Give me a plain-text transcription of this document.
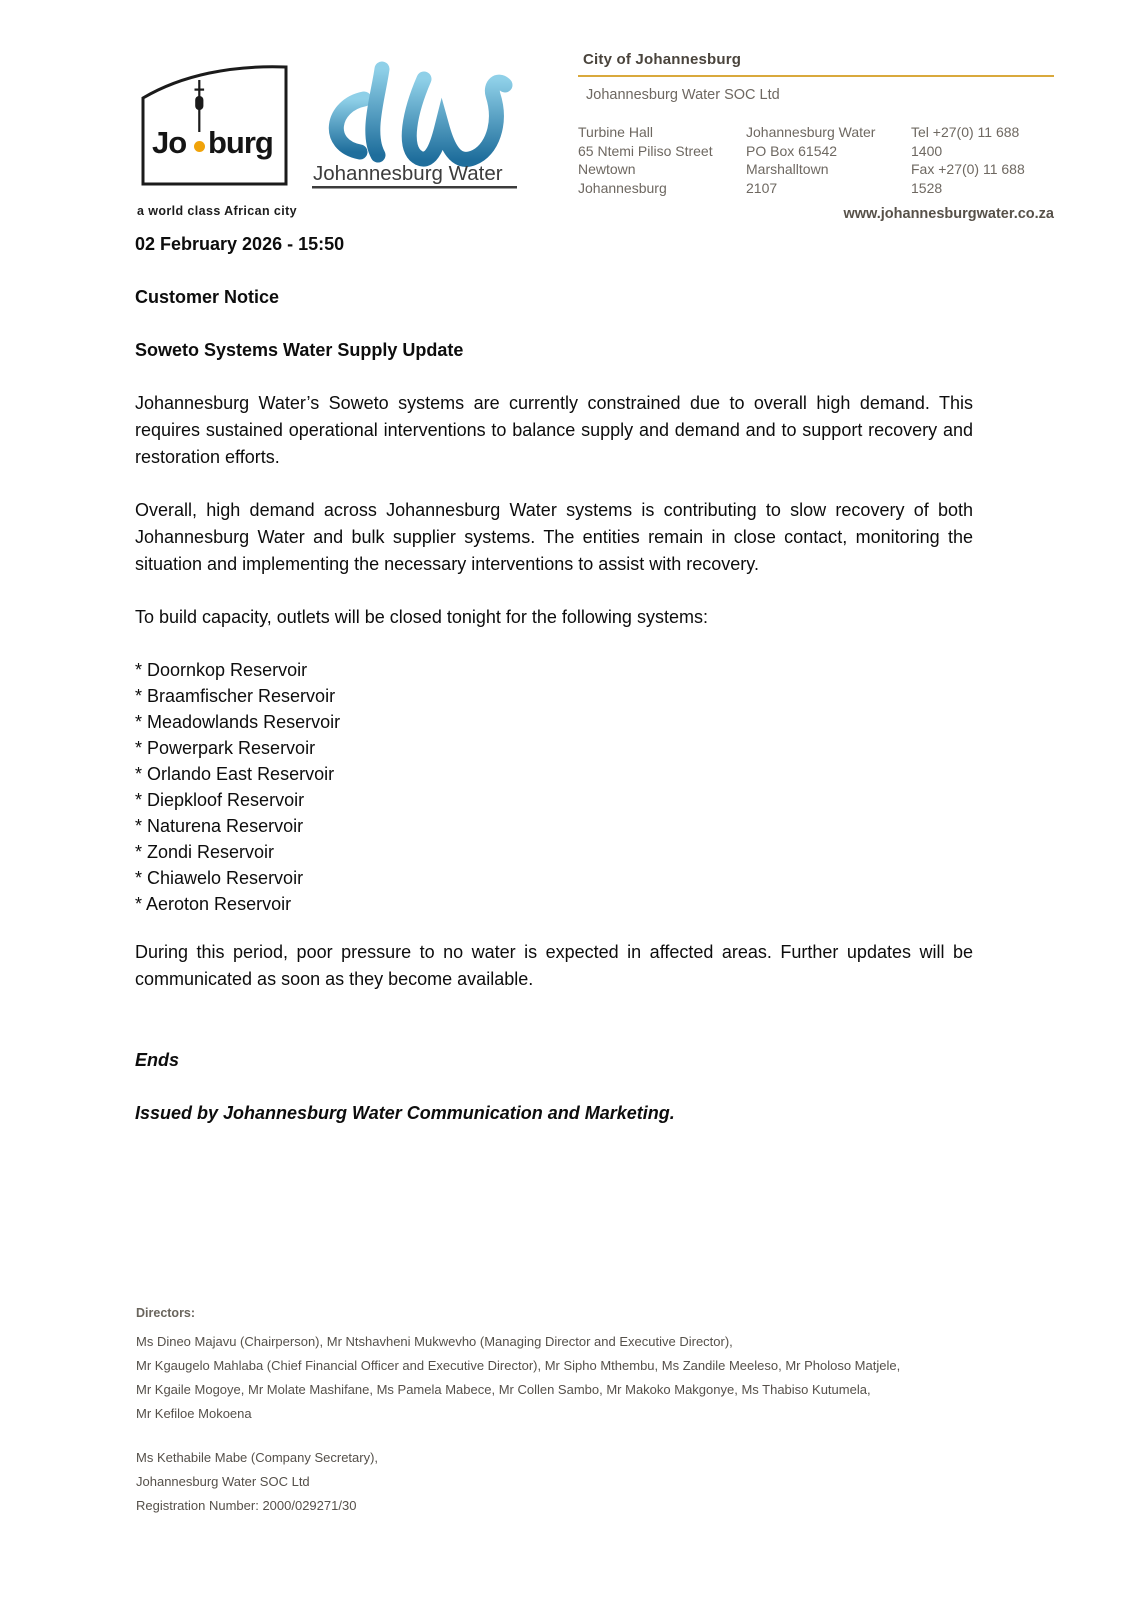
Jo burg
a world class African city
Johannesburg Water
City of Johannesburg
Johannesburg Water SOC Ltd
Turbine Hall
65 Ntemi Piliso Street
Newtown
Johannesburg
Johannesburg Water
PO Box 61542
Marshalltown
2107
Tel +27(0) 11 688 1400
Fax +27(0) 11 688 1528
www.johannesburgwater.co.za
02 February 2026 - 15:50
Customer Notice
Soweto Systems Water Supply Update

Johannesburg Water’s Soweto systems are currently constrained due to overall high demand. This requires sustained operational interventions to balance supply and demand and to support recovery and restoration efforts.

Overall, high demand across Johannesburg Water systems is contributing to slow recovery of both Johannesburg Water and bulk supplier systems. The entities remain in close contact, monitoring the situation and implementing the necessary interventions to assist with recovery.

To build capacity, outlets will be closed tonight for the following systems:

* Doornkop Reservoir
* Braamfischer Reservoir
* Meadowlands Reservoir
* Powerpark Reservoir
* Orlando East Reservoir
* Diepkloof Reservoir
* Naturena Reservoir
* Zondi Reservoir
* Chiawelo Reservoir
* Aeroton Reservoir

During this period, poor pressure to no water is expected in affected areas. Further updates will be communicated as soon as they become available.

Ends
Issued by Johannesburg Water Communication and Marketing.
Directors:
Ms Dineo Majavu (Chairperson), Mr Ntshavheni Mukwevho (Managing Director and Executive Director),
Mr Kgaugelo Mahlaba (Chief Financial Officer and Executive Director), Mr Sipho Mthembu, Ms Zandile Meeleso, Mr Pholoso Matjele,
Mr Kgaile Mogoye, Mr Molate Mashifane, Ms Pamela Mabece, Mr Collen Sambo, Mr Makoko Makgonye, Ms Thabiso Kutumela,
Mr Kefiloe Mokoena
Ms Kethabile Mabe (Company Secretary),
Johannesburg Water SOC Ltd
Registration Number: 2000/029271/30
